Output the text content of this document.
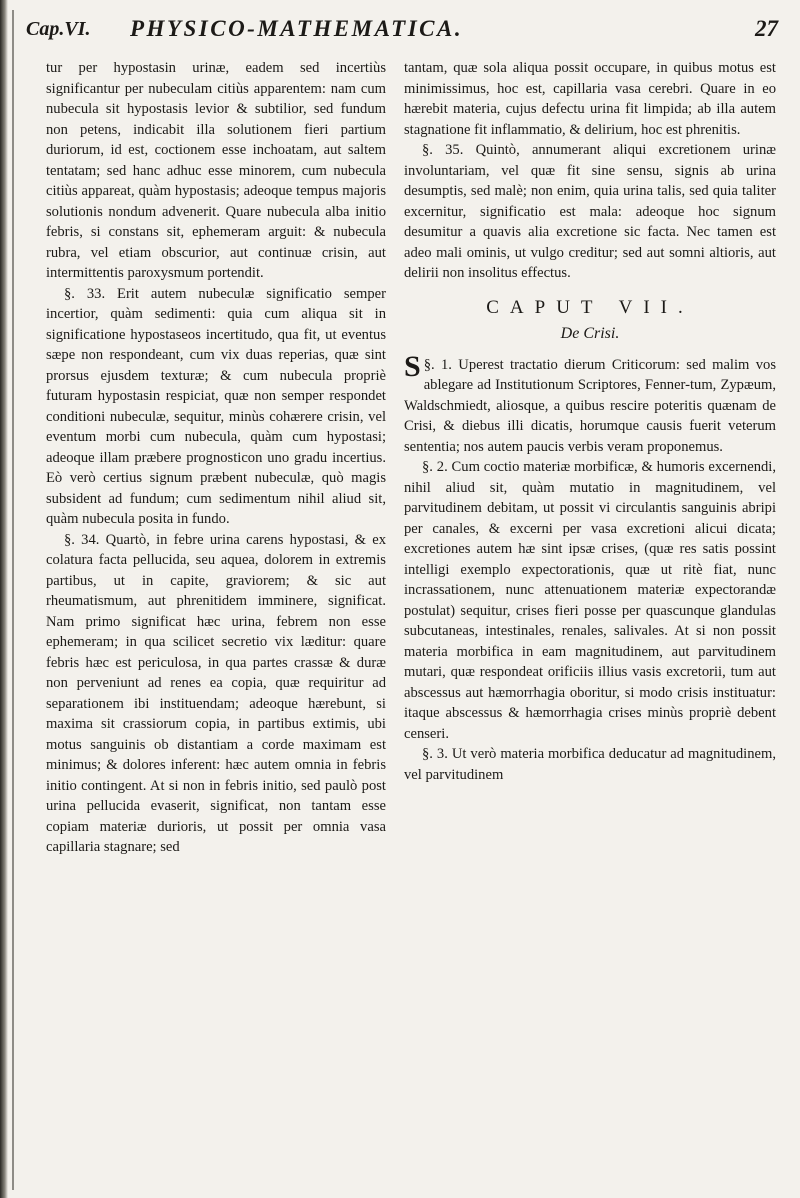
Cap.VI. PHYSICO-MATHEMATICA.	27

tur per hypostasin urinæ, eadem sed incertiùs significantur per nubeculam citiùs apparentem: nam cum nubecula sit hypostasis levior & subtilior, sed fundum non petens, indicabit illa solutionem fieri partium duriorum, id est, coctionem esse inchoatam, aut saltem tentatam; sed hanc adhuc esse minorem, cum nubecula citiùs appareat, quàm hypostasis; adeoque tempus majoris solutionis nondum advenerit. Quare nubecula alba initio febris, si constans sit, ephemeram arguit: & nubecula rubra, vel etiam obscurior, aut continuæ crisin, aut intermittentis paroxysmum portendit.

§. 33. Erit autem nubeculæ significatio semper incertior, quàm sedimenti: quia cum aliqua sit in significatione hypostaseos incertitudo, qua fit, ut eventus sæpe non respondeant, cum vix duas reperias, quæ sint prorsus ejusdem texturæ; & cum nubecula propriè futuram hypostasin respiciat, quæ non semper respondet conditioni nubeculæ, sequitur, minùs cohærere crisin, vel eventum morbi cum nubecula, quàm cum hypostasi; adeoque illam præbere prognosticon uno gradu incertius. Eò verò certius signum præbent nubeculæ, quò magis subsident ad fundum; cum sedimentum nihil aliud sit, quàm nubecula posita in fundo.

§. 34. Quartò, in febre urina carens hypostasi, & ex colatura facta pellucida, seu aquea, dolorem in extremis partibus, ut in capite, graviorem; & sic aut rheumatismum, aut phrenitidem imminere, significat. Nam primo significat hæc urina, febrem non esse ephemeram; in qua scilicet secretio vix læditur: quare febris hæc est periculosa, in qua partes crassæ & duræ non perveniunt ad renes ea copia, quæ requiritur ad separationem ibi instituendam; adeoque hærebunt, si maxima sit crassiorum copia, in partibus extimis, ubi motus sanguinis ob distantiam a corde maximam est minimus; & dolores inferent: hæc autem omnia in febris initio contingent. At si non in febris initio, sed paulò post urina pellucida evaserit, significat, non tantam esse copiam materiæ durioris, ut possit per omnia vasa capillaria stagnare; sed

tantam, quæ sola aliqua possit occupare, in quibus motus est minimissimus, hoc est, capillaria vasa cerebri. Quare in eo hærebit materia, cujus defectu urina fit limpida; ab illa autem stagnatione fit inflammatio, & delirium, hoc est phrenitis.

§. 35. Quintò, annumerant aliqui excretionem urinæ involuntariam, vel quæ fit sine sensu, signis ab urina desumptis, sed malè; non enim, quia urina talis, sed quia taliter excernitur, significatio est mala: adeoque hoc signum desumitur a quavis alia excretione sic facta. Nec tamen est adeo mali ominis, ut vulgo creditur; sed aut somni altioris, aut delirii non insolitus effectus.

CAPUT VII.
De Crisi.

§. 1.
S	Uperest tractatio dierum Criticorum: sed malim vos ablegare ad Institutionum Scriptores, Fenner-tum, Zypæum, Waldschmiedt, aliosque, a quibus rescire poteritis quænam de Crisi, & diebus illi dicatis, horumque causis fuerit veterum sententia; nos autem paucis verbis veram proponemus.

§. 2. Cum coctio materiæ morbificæ, & humoris excernendi, nihil aliud sit, quàm mutatio in magnitudinem, vel parvitudinem debitam, ut possit vi circulantis sanguinis abripi per canales, & excerni per vasa excretioni alicui dicata; excretiones autem hæ sint ipsæ crises, (quæ res satis possint intelligi exemplo expectorationis, quæ ut ritè fiat, nunc incrassationem, nunc attenuationem materiæ expectorandæ postulat) sequitur, crises fieri posse per quascunque glandulas subcutaneas, intestinales, renales, salivales. At si non possit materia morbifica in eam magnitudinem, aut parvitudinem mutari, quæ respondeat orificiis illius vasis excretorii, tum aut abscessus aut hæmorrhagia oboritur, si modo crisis instituatur: itaque abscessus & hæmorrhagia crises minùs propriè debent censeri.

§. 3. Ut verò materia morbifica deducatur ad magnitudinem, vel parvitudinem
